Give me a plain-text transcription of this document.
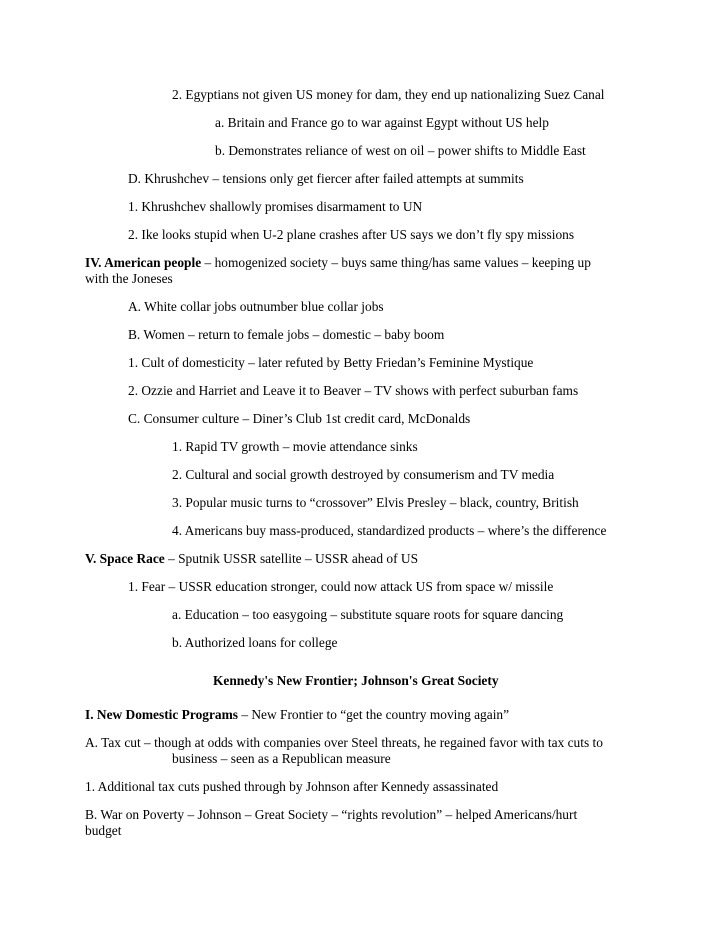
2. Egyptians not given US money for dam, they end up nationalizing Suez Canal
a. Britain and France go to war against Egypt without US help
b. Demonstrates reliance of west on oil – power shifts to Middle East
D. Khrushchev – tensions only get fiercer after failed attempts at summits
1. Khrushchev shallowly promises disarmament to UN
2. Ike looks stupid when U-2 plane crashes after US says we don’t fly spy missions
IV. American people – homogenized society – buys same thing/has same values – keeping up
with the Joneses
A. White collar jobs outnumber blue collar jobs
B. Women – return to female jobs – domestic – baby boom
1. Cult of domesticity – later refuted by Betty Friedan’s Feminine Mystique
2. Ozzie and Harriet and Leave it to Beaver – TV shows with perfect suburban fams
C. Consumer culture – Diner’s Club 1st credit card, McDonalds
1. Rapid TV growth – movie attendance sinks
2. Cultural and social growth destroyed by consumerism and TV media
3. Popular music turns to “crossover” Elvis Presley – black, country, British
4. Americans buy mass-produced, standardized products – where’s the difference
V. Space Race – Sputnik USSR satellite – USSR ahead of US
1. Fear – USSR education stronger, could now attack US from space w/ missile
a. Education – too easygoing – substitute square roots for square dancing
b. Authorized loans for college
Kennedy's New Frontier; Johnson's Great Society
I. New Domestic Programs – New Frontier to “get the country moving again”
A. Tax cut – though at odds with companies over Steel threats, he regained favor with tax cuts to
business – seen as a Republican measure
1. Additional tax cuts pushed through by Johnson after Kennedy assassinated
B. War on Poverty – Johnson – Great Society – “rights revolution” – helped Americans/hurt
budget
